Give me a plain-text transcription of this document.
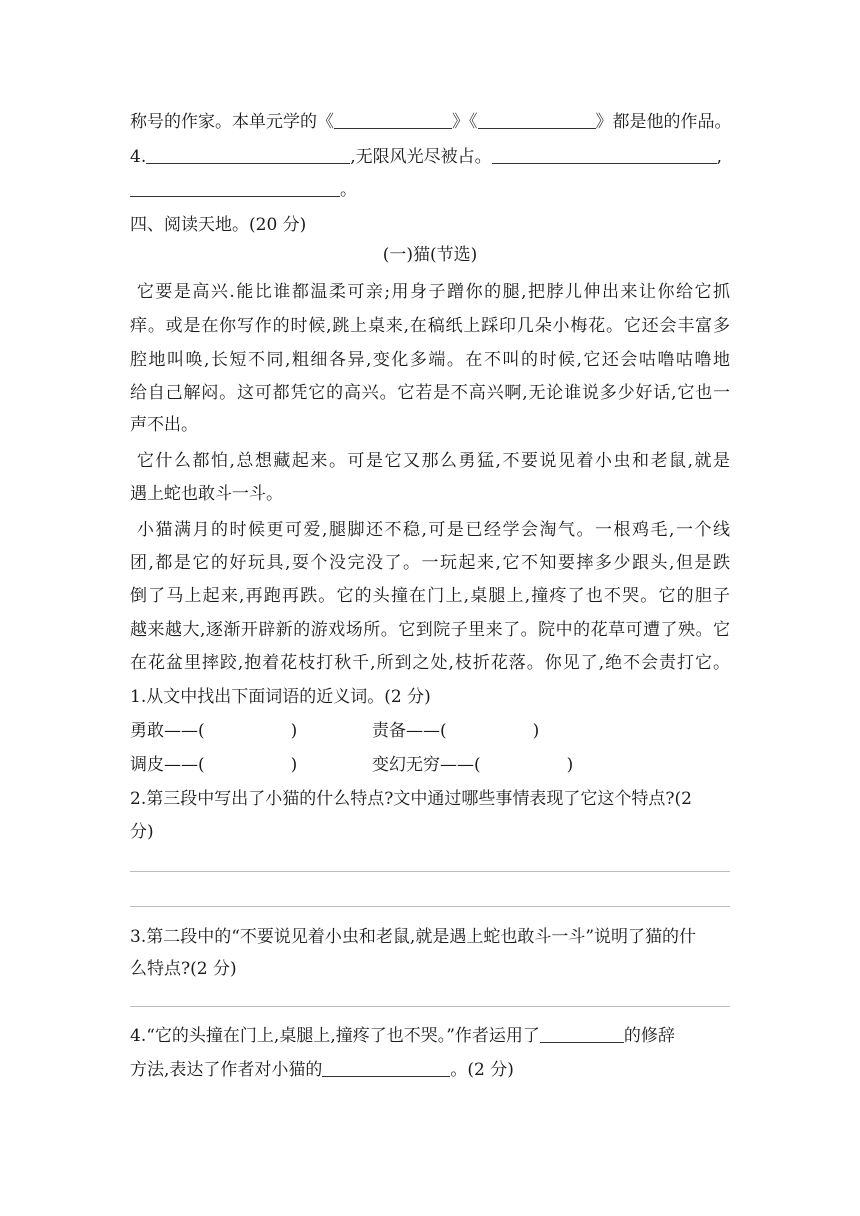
称号的作家。本单元学的《	》《	》都是他的作品。
4.	,无限风光尽被占。	,
。
四、阅读天地。(20 分)
(一)猫(节选)
它要是高兴.能比谁都温柔可亲;用身子蹭你的腿,把脖儿伸出来让你给它抓
痒。或是在你写作的时候,跳上桌来,在稿纸上踩印几朵小梅花。它还会丰富多
腔地叫唤,长短不同,粗细各异,变化多端。在不叫的时候,它还会咕噜咕噜地
给自己解闷。这可都凭它的高兴。它若是不高兴啊,无论谁说多少好话,它也一
声不出。
它什么都怕,总想藏起来。可是它又那么勇猛,不要说见着小虫和老鼠,就是
遇上蛇也敢斗一斗。
小猫满月的时候更可爱,腿脚还不稳,可是已经学会淘气。一根鸡毛,一个线
团,都是它的好玩具,耍个没完没了。一玩起来,它不知要摔多少跟头,但是跌
倒了马上起来,再跑再跌。它的头撞在门上,桌腿上,撞疼了也不哭。它的胆子
越来越大,逐渐开辟新的游戏场所。它到院子里来了。院中的花草可遭了殃。它
在花盆里摔跤,抱着花枝打秋千,所到之处,枝折花落。你见了,绝不会责打它。
1.从文中找出下面词语的近义词。(2 分)
勇敢——(	)	责备——(	)
调皮——(	)	变幻无穷——(	)
2.第三段中写出了小猫的什么特点?文中通过哪些事情表现了它这个特点?(2
分)
3.第二段中的“不要说见着小虫和老鼠,就是遇上蛇也敢斗一斗”说明了猫的什
么特点?(2 分)
4.“它的头撞在门上,桌腿上,撞疼了也不哭。”作者运用了	的修辞
方法,表达了作者对小猫的	。(2 分)
